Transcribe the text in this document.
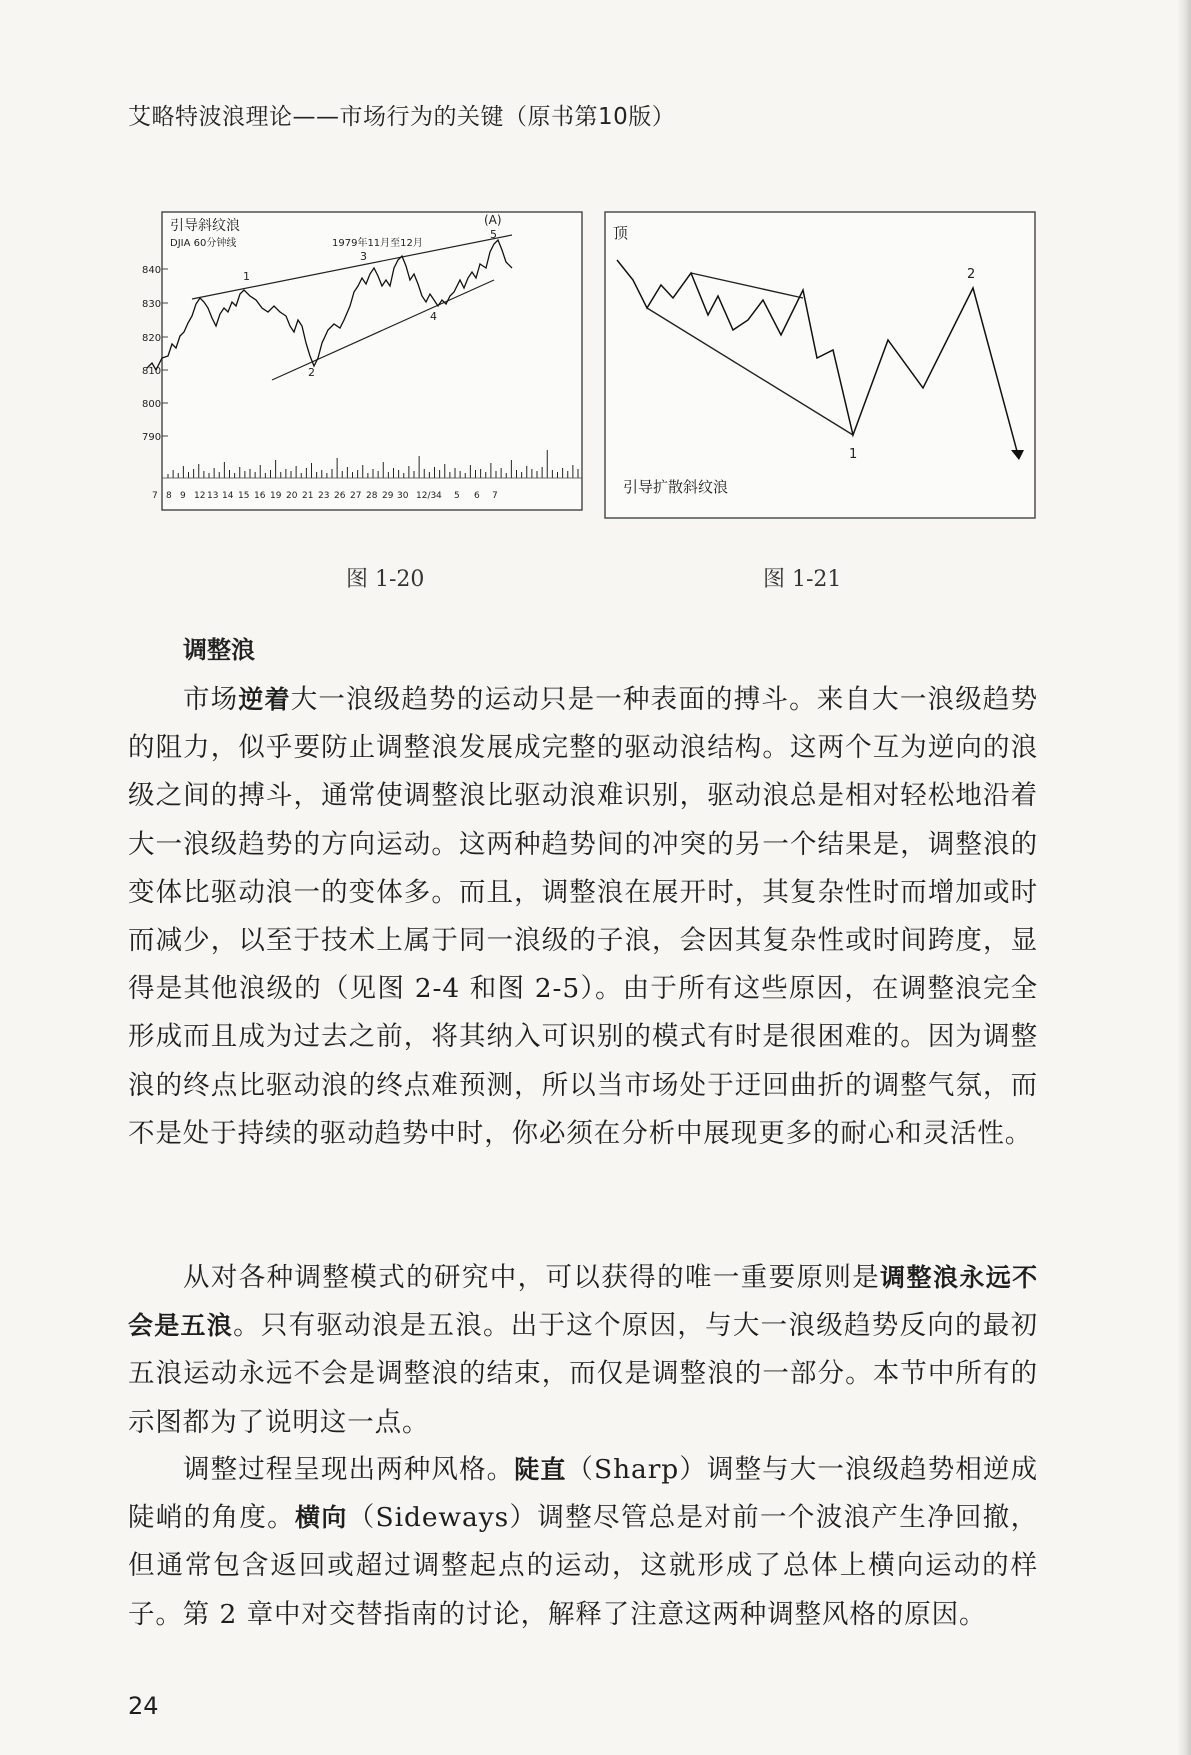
艾略特波浪理论——市场行为的关键（原书第10版）
引导斜纹浪
DJIA 60分钟线	1979年11月至12月
840
830
820
810
800
790
1
2
3
4
5
(A)
7 8 9 12 13 14 15 16 19 20 21 23 26 27 28 29 30 12/3 4 5 6 7
图 1-20
顶
1
2
引导扩散斜纹浪
图 1-21
调整浪

市场逆着大一浪级趋势的运动只是一种表面的搏斗。来自大一浪级趋势的阻力，似乎要防止调整浪发展成完整的驱动浪结构。这两个互为逆向的浪级之间的搏斗，通常使调整浪比驱动浪难识别，驱动浪总是相对轻松地沿着大一浪级趋势的方向运动。这两种趋势间的冲突的另一个结果是，调整浪的变体比驱动浪一的变体多。而且，调整浪在展开时，其复杂性时而增加或时而减少，以至于技术上属于同一浪级的子浪，会因其复杂性或时间跨度，显得是其他浪级的（见图 2-4 和图 2-5）。由于所有这些原因，在调整浪完全形成而且成为过去之前，将其纳入可识别的模式有时是很困难的。因为调整浪的终点比驱动浪的终点难预测，所以当市场处于迂回曲折的调整气氛，而不是处于持续的驱动趋势中时，你必须在分析中展现更多的耐心和灵活性。

从对各种调整模式的研究中，可以获得的唯一重要原则是调整浪永远不会是五浪。只有驱动浪是五浪。出于这个原因，与大一浪级趋势反向的最初五浪运动永远不会是调整浪的结束，而仅是调整浪的一部分。本节中所有的示图都为了说明这一点。

调整过程呈现出两种风格。陡直（Sharp）调整与大一浪级趋势相逆成陡峭的角度。横向（Sideways）调整尽管总是对前一个波浪产生净回撤，但通常包含返回或超过调整起点的运动，这就形成了总体上横向运动的样子。第 2 章中对交替指南的讨论，解释了注意这两种调整风格的原因。

24
